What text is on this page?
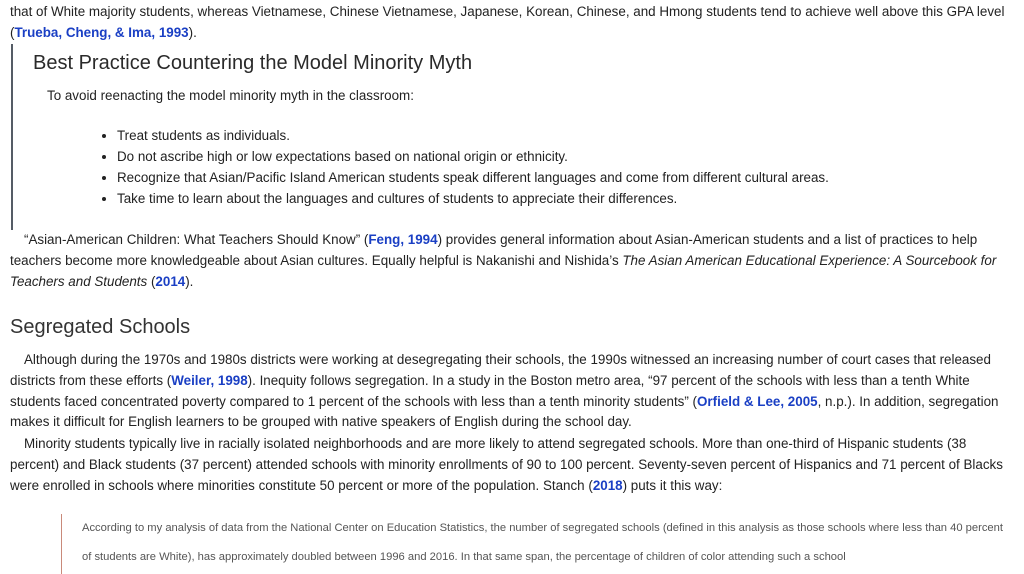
that of White majority students, whereas Vietnamese, Chinese Vietnamese, Japanese, Korean, Chinese, and Hmong students tend to achieve well above this GPA level (Trueba, Cheng, & Ima, 1993).

Best Practice Countering the Model Minority Myth

To avoid reenacting the model minority myth in the classroom:

• Treat students as individuals.
• Do not ascribe high or low expectations based on national origin or ethnicity.
• Recognize that Asian/Pacific Island American students speak different languages and come from different cultural areas.
• Take time to learn about the languages and cultures of students to appreciate their differences.

“Asian-American Children: What Teachers Should Know” (Feng, 1994) provides general information about Asian-American students and a list of practices to help teachers become more knowledgeable about Asian cultures. Equally helpful is Nakanishi and Nishida’s The Asian American Educational Experience: A Sourcebook for Teachers and Students (2014).

Segregated Schools

Although during the 1970s and 1980s districts were working at desegregating their schools, the 1990s witnessed an increasing number of court cases that released districts from these efforts (Weiler, 1998). Inequity follows segregation. In a study in the Boston metro area, “97 percent of the schools with less than a tenth White students faced concentrated poverty compared to 1 percent of the schools with less than a tenth minority students” (Orfield & Lee, 2005, n.p.). In addition, segregation makes it difficult for English learners to be grouped with native speakers of English during the school day.

Minority students typically live in racially isolated neighborhoods and are more likely to attend segregated schools. More than one-third of Hispanic students (38 percent) and Black students (37 percent) attended schools with minority enrollments of 90 to 100 percent. Seventy-seven percent of Hispanics and 71 percent of Blacks were enrolled in schools where minorities constitute 50 percent or more of the population. Stanch (2018) puts it this way:

According to my analysis of data from the National Center on Education Statistics, the number of segregated schools (defined in this analysis as those schools where less than 40 percent of students are White), has approximately doubled between 1996 and 2016. In that same span, the percentage of children of color attending such a school
